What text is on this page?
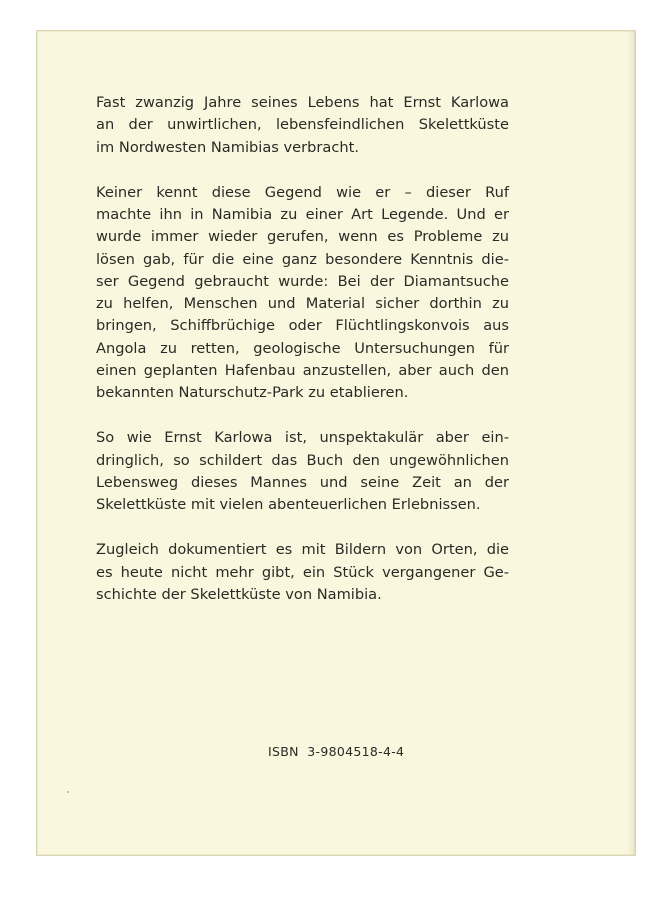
Fast zwanzig Jahre seines Lebens hat Ernst Karlowa
an der unwirtlichen, lebensfeindlichen Skelettküste
im Nordwesten Namibias verbracht.

Keiner kennt diese Gegend wie er – dieser Ruf
machte ihn in Namibia zu einer Art Legende. Und er
wurde immer wieder gerufen, wenn es Probleme zu
lösen gab, für die eine ganz besondere Kenntnis die-
ser Gegend gebraucht wurde: Bei der Diamantsuche
zu helfen, Menschen und Material sicher dorthin zu
bringen, Schiffbrüchige oder Flüchtlingskonvois aus
Angola zu retten, geologische Untersuchungen für
einen geplanten Hafenbau anzustellen, aber auch den
bekannten Naturschutz-Park zu etablieren.

So wie Ernst Karlowa ist, unspektakulär aber ein-
dringlich, so schildert das Buch den ungewöhnlichen
Lebensweg dieses Mannes und seine Zeit an der
Skelettküste mit vielen abenteuerlichen Erlebnissen.

Zugleich dokumentiert es mit Bildern von Orten, die
es heute nicht mehr gibt, ein Stück vergangener Ge-
schichte der Skelettküste von Namibia.

ISBN  3-9804518-4-4
